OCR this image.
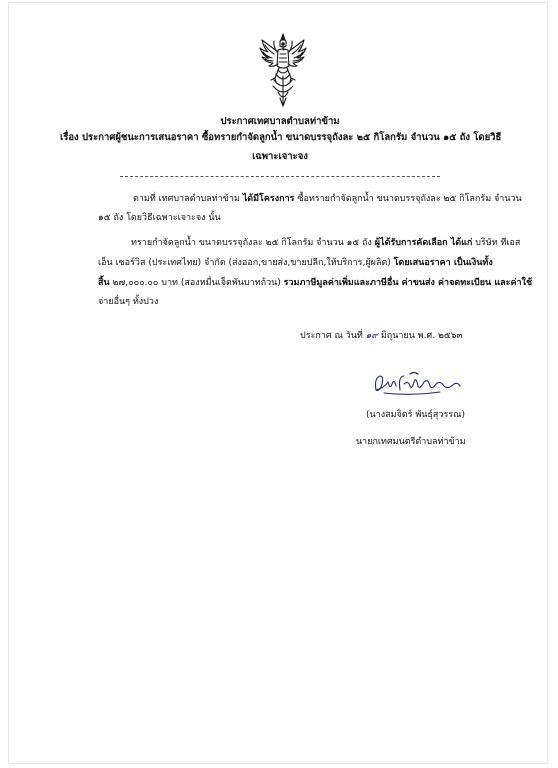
ประกาศเทศบาลตำบลท่าข้าม
เรื่อง ประกาศผู้ชนะการเสนอราคา ซื้อทรายกำจัดลูกน้ำ ขนาดบรรจุถังละ ๒๕ กิโลกรัม จำนวน ๑๕ ถัง โดยวิธี
เฉพาะเจาะจง
ตามที่ เทศบาลตำบลท่าข้าม ได้มีโครงการ ซื้อทรายกำจัดลูกน้ำ ขนาดบรรจุถังละ ๒๕ กิโลกรัม จำนวน
๑๕ ถัง โดยวิธีเฉพาะเจาะจง นั้น
ทรายกำจัดลูกน้ำ ขนาดบรรจุถังละ ๒๕ กิโลกรัม จำนวน ๑๕ ถัง ผู้ได้รับการคัดเลือก ได้แก่ บริษัท ทีเอส
เอ็น เซอร์วิส (ประเทศไทย) จำกัด (ส่งออก,ขายส่ง,ขายปลีก,ให้บริการ,ผู้ผลิต) โดยเสนอราคา เป็นเงินทั้ง
สิ้น ๒๗,๐๐๐.๐๐ บาท (สองหมื่นเจ็ดพันบาทถ้วน) รวมภาษีมูลค่าเพิ่มและภาษีอื่น ค่าขนส่ง ค่าจดทะเบียน และค่าใช้
จ่ายอื่นๆ ทั้งปวง
ประกาศ ณ วันที่ ๑๙ มิถุนายน พ.ศ. ๒๕๖๓
(นางสมจิตร์ พันธุ์สุวรรณ)
นายกเทศมนตรีตำบลท่าข้าม
